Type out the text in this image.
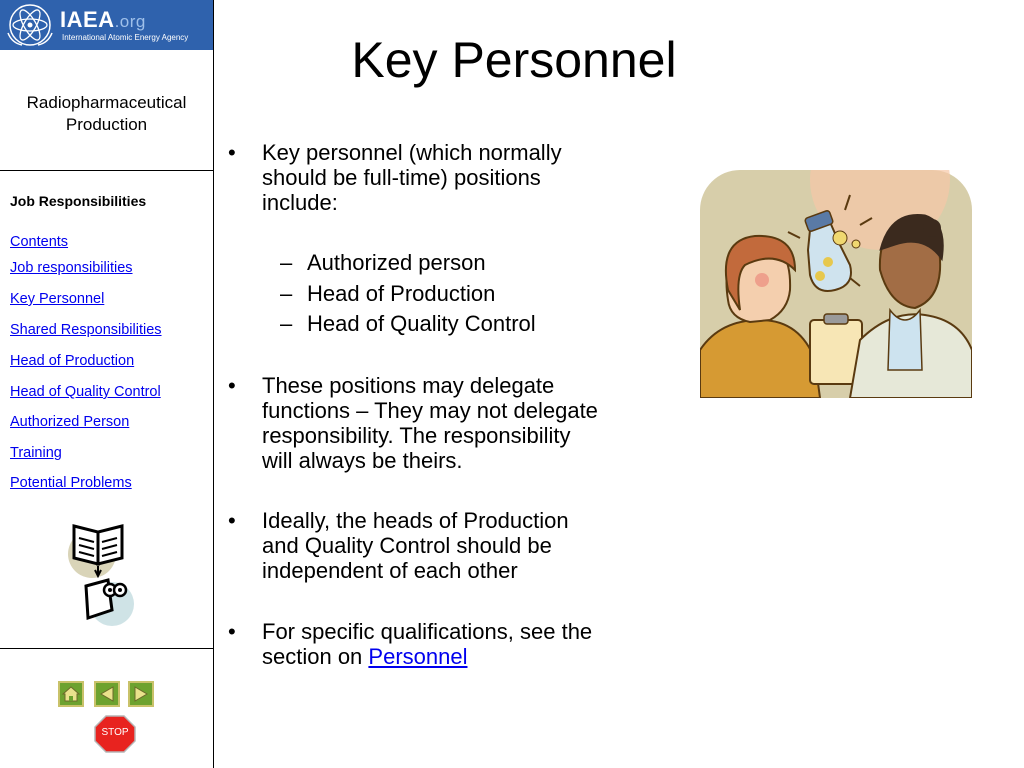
IAEA.org
International Atomic Energy Agency
Radiopharmaceutical
Production
Job Responsibilities
Contents
Job responsibilities
Key Personnel
Shared Responsibilities
Head of Production
Head of Quality Control
Authorized Person
Training
Potential Problems
STOP
Key Personnel
•	Key personnel (which normally
should be full-time) positions
include:
– Authorized person
– Head of Production
– Head of Quality Control
•	These positions may delegate
functions – They may not delegate
responsibility. The responsibility
will always be theirs.
•	Ideally, the heads of Production
and Quality Control should be
independent of each other
•	For specific qualifications, see the
section on Personnel
